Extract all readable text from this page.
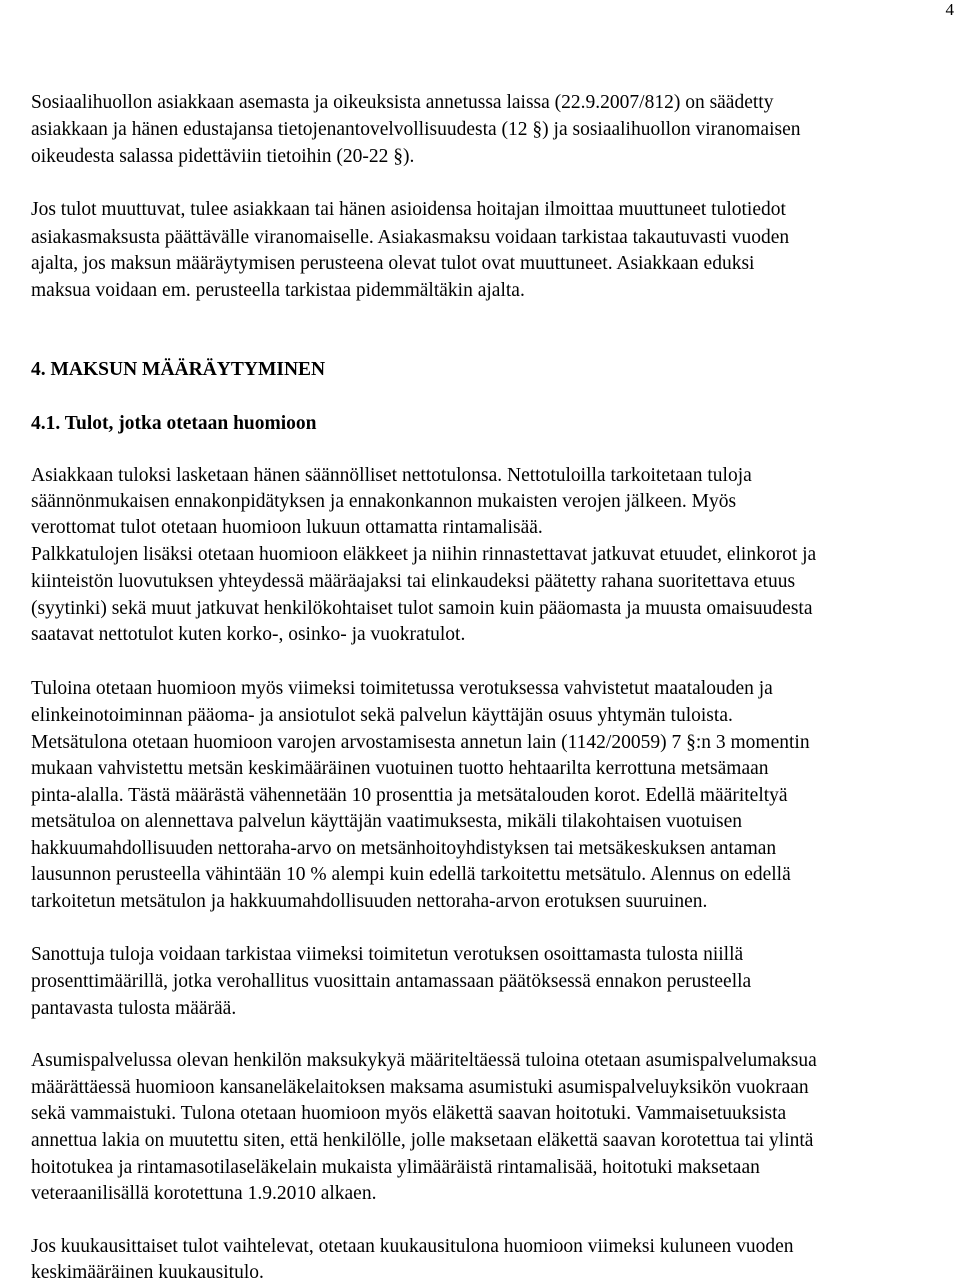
4
Sosiaalihuollon asiakkaan asemasta ja oikeuksista annetussa laissa (22.9.2007/812) on säädetty
asiakkaan ja hänen edustajansa tietojenantovelvollisuudesta (12 §) ja sosiaalihuollon viranomaisen
oikeudesta salassa pidettäviin tietoihin (20-22 §).
Jos tulot muuttuvat, tulee asiakkaan tai hänen asioidensa hoitajan ilmoittaa muuttuneet tulotiedot
asiakasmaksusta päättävälle viranomaiselle. Asiakasmaksu voidaan tarkistaa takautuvasti vuoden
ajalta, jos maksun määräytymisen perusteena olevat tulot ovat muuttuneet. Asiakkaan eduksi
maksua voidaan em. perusteella tarkistaa pidemmältäkin ajalta.
4. MAKSUN MÄÄRÄYTYMINEN
4.1. Tulot, jotka otetaan huomioon
Asiakkaan tuloksi lasketaan hänen säännölliset nettotulonsa. Nettotuloilla tarkoitetaan tuloja
säännönmukaisen ennakonpidätyksen ja ennakonkannon mukaisten verojen jälkeen. Myös
verottomat tulot otetaan huomioon lukuun ottamatta rintamalisää.
Palkkatulojen lisäksi otetaan huomioon eläkkeet ja niihin rinnastettavat jatkuvat etuudet, elinkorot ja
kiinteistön luovutuksen yhteydessä määräajaksi tai elinkaudeksi päätetty rahana suoritettava etuus
(syytinki) sekä muut jatkuvat henkilökohtaiset tulot samoin kuin pääomasta ja muusta omaisuudesta
saatavat nettotulot kuten korko-, osinko- ja vuokratulot.
Tuloina otetaan huomioon myös viimeksi toimitetussa verotuksessa vahvistetut maatalouden ja
elinkeinotoiminnan pääoma- ja ansiotulot sekä palvelun käyttäjän osuus yhtymän tuloista.
Metsätulona otetaan huomioon varojen arvostamisesta annetun lain (1142/20059) 7 §:n 3 momentin
mukaan vahvistettu metsän keskimääräinen vuotuinen tuotto hehtaarilta kerrottuna metsämaan
pinta-alalla. Tästä määrästä vähennetään 10 prosenttia ja metsätalouden korot. Edellä määriteltyä
metsätuloa on alennettava palvelun käyttäjän vaatimuksesta, mikäli tilakohtaisen vuotuisen
hakkuumahdollisuuden nettoraha-arvo on metsänhoitoyhdistyksen tai metsäkeskuksen antaman
lausunnon perusteella vähintään 10 % alempi kuin edellä tarkoitettu metsätulo. Alennus on edellä
tarkoitetun metsätulon ja hakkuumahdollisuuden nettoraha-arvon erotuksen suuruinen.
Sanottuja tuloja voidaan tarkistaa viimeksi toimitetun verotuksen osoittamasta tulosta niillä
prosenttimäärillä, jotka verohallitus vuosittain antamassaan päätöksessä ennakon perusteella
pantavasta tulosta määrää.
Asumispalvelussa olevan henkilön maksukykyä määriteltäessä tuloina otetaan asumispalvelumaksua
määrättäessä huomioon kansaneläkelaitoksen maksama asumistuki asumispalveluyksikön vuokraan
sekä vammaistuki. Tulona otetaan huomioon myös eläkettä saavan hoitotuki. Vammaisetuuksista
annettua lakia on muutettu siten, että henkilölle, jolle maksetaan eläkettä saavan korotettua tai ylintä
hoitotukea ja rintamasotilaseläkelain mukaista ylimääräistä rintamalisää, hoitotuki maksetaan
veteraanilisällä korotettuna 1.9.2010 alkaen.
Jos kuukausittaiset tulot vaihtelevat, otetaan kuukausitulona huomioon viimeksi kuluneen vuoden
keskimääräinen kuukausitulo.
